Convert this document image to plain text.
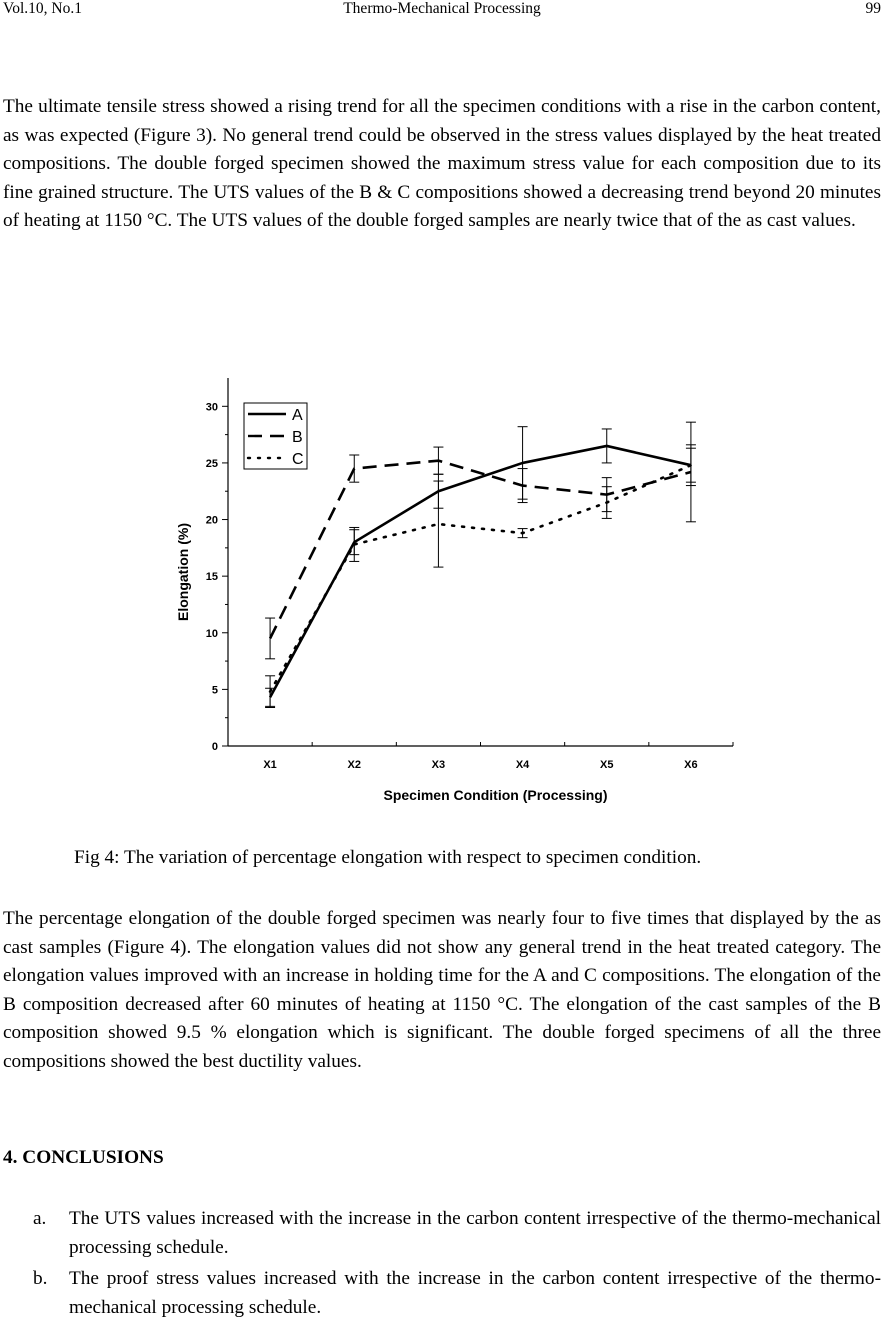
Vol.10, No.1	Thermo-Mechanical Processing	99

The ultimate tensile stress showed a rising trend for all the specimen conditions with a rise in the carbon content, as was expected (Figure 3). No general trend could be observed in the stress values displayed by the heat treated compositions. The double forged specimen showed the maximum stress value for each composition due to its fine grained structure. The UTS values of the B & C compositions showed a decreasing trend beyond 20 minutes of heating at 1150 °C. The UTS values of the double forged samples are nearly twice that of the as cast values.

0
5
10
15
20
25
30
X1	X2	X3	X4	X5	X6
Specimen Condition (Processing)
Elongation (%)
A
B
C
Fig 4: The variation of percentage elongation with respect to specimen condition.

The percentage elongation of the double forged specimen was nearly four to five times that displayed by the as cast samples (Figure 4). The elongation values did not show any general trend in the heat treated category. The elongation values improved with an increase in holding time for the A and C compositions. The elongation of the B composition decreased after 60 minutes of heating at 1150 °C. The elongation of the cast samples of the B composition showed 9.5 % elongation which is significant. The double forged specimens of all the three compositions showed the best ductility values.

4. CONCLUSIONS

a. The UTS values increased with the increase in the carbon content irrespective of the thermo-mechanical processing schedule.

b. The proof stress values increased with the increase in the carbon content irrespective of the thermo-mechanical processing schedule.
